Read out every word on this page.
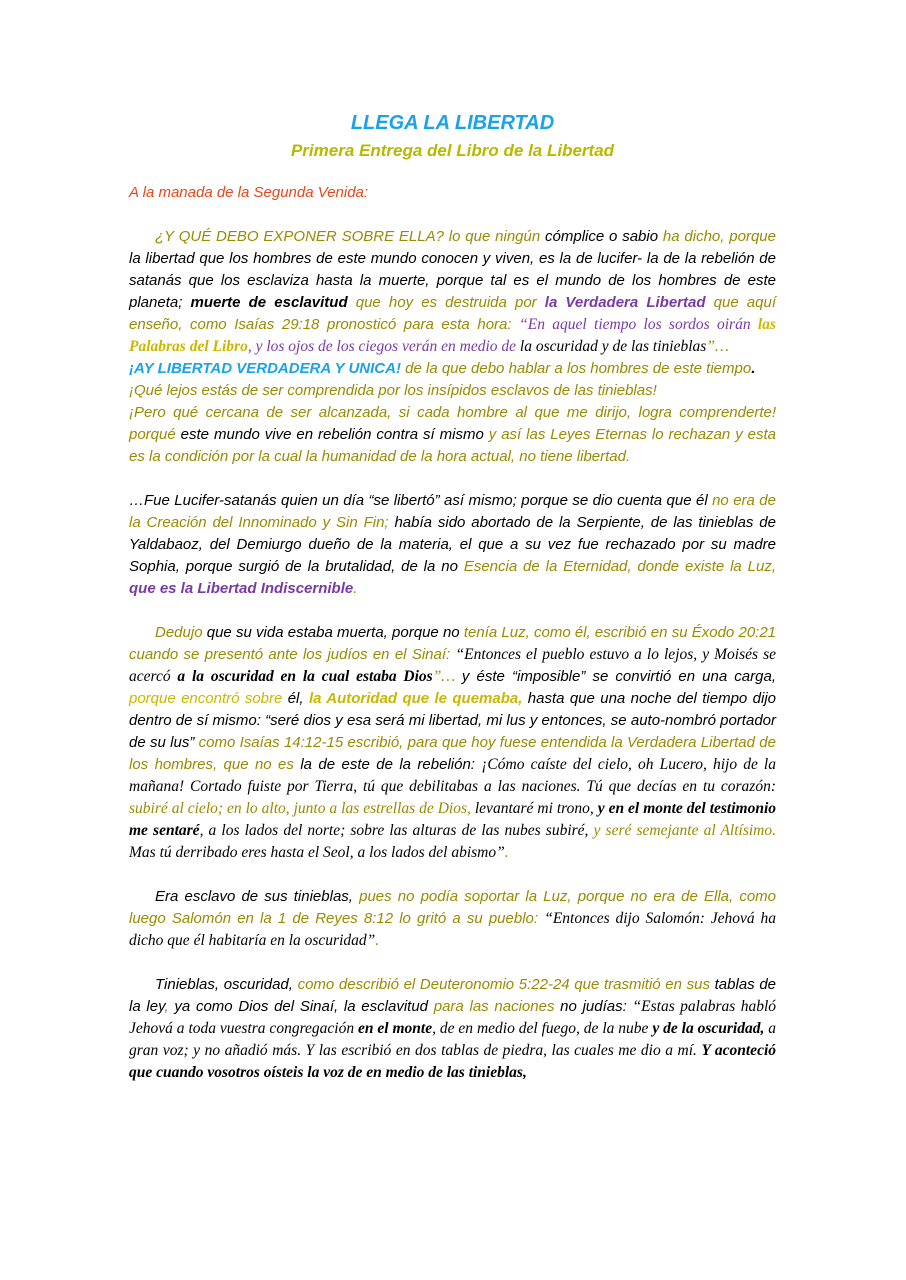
LLEGA LA LIBERTAD
Primera Entrega del Libro de la Libertad
A la manada de la Segunda Venida:

¿Y QUÉ DEBO EXPONER SOBRE ELLA? lo que ningún cómplice o sabio ha dicho, porque la libertad que los hombres de este mundo conocen y viven, es la de lucifer- la de la rebelión de satanás que los esclaviza hasta la muerte, porque tal es el mundo de los hombres de este planeta; muerte de esclavitud que hoy es destruida por la Verdadera Libertad que aquí enseño, como Isaías 29:18 pronosticó para esta hora: “En aquel tiempo los sordos oirán las Palabras del Libro, y los ojos de los ciegos verán en medio de la oscuridad y de las tinieblas”…

¡AY LIBERTAD VERDADERA Y UNICA! de la que debo hablar a los hombres de este tiempo.

¡Qué lejos estás de ser comprendida por los insípidos esclavos de las tinieblas!

¡Pero qué cercana de ser alcanzada, si cada hombre al que me dirijo, logra comprenderte! porqué este mundo vive en rebelión contra sí mismo y así las Leyes Eternas lo rechazan y esta es la condición por la cual la humanidad de la hora actual, no tiene libertad.

…Fue Lucifer-satanás quien un día “se libertó” así mismo; porque se dio cuenta que él no era de la Creación del Innominado y Sin Fin; había sido abortado de la Serpiente, de las tinieblas de Yaldabaoz, del Demiurgo dueño de la materia, el que a su vez fue rechazado por su madre Sophia, porque surgió de la brutalidad, de la no Esencia de la Eternidad, donde existe la Luz, que es la Libertad Indiscernible.

Dedujo que su vida estaba muerta, porque no tenía Luz, como él, escribió en su Éxodo 20:21 cuando se presentó ante los judíos en el Sinaí: “Entonces el pueblo estuvo a lo lejos, y Moisés se acercó a la oscuridad en la cual estaba Dios”… y éste “imposible” se convirtió en una carga, porque encontró sobre él, la Autoridad que le quemaba, hasta que una noche del tiempo dijo dentro de sí mismo: “seré dios y esa será mi libertad, mi lus y entonces, se auto-nombró portador de su lus” como Isaías 14:12-15 escribió, para que hoy fuese entendida la Verdadera Libertad de los hombres, que no es la de este de la rebelión: ¡Cómo caíste del cielo, oh Lucero, hijo de la mañana! Cortado fuiste por Tierra, tú que debilitabas a las naciones. Tú que decías en tu corazón: subiré al cielo; en lo alto, junto a las estrellas de Dios, levantaré mi trono, y en el monte del testimonio me sentaré, a los lados del norte; sobre las alturas de las nubes subiré, y seré semejante al Altísimo. Mas tú derribado eres hasta el Seol, a los lados del abismo”.

Era esclavo de sus tinieblas, pues no podía soportar la Luz, porque no era de Ella, como luego Salomón en la 1 de Reyes 8:12 lo gritó a su pueblo: “Entonces dijo Salomón: Jehová ha dicho que él habitaría en la oscuridad”.

Tinieblas, oscuridad, como describió el Deuteronomio 5:22-24 que trasmitió en sus tablas de la ley, ya como Dios del Sinaí, la esclavitud para las naciones no judías: “Estas palabras habló Jehová a toda vuestra congregación en el monte, de en medio del fuego, de la nube y de la oscuridad, a gran voz; y no añadió más. Y las escribió en dos tablas de piedra, las cuales me dio a mí. Y aconteció que cuando vosotros oísteis la voz de en medio de las tinieblas,
